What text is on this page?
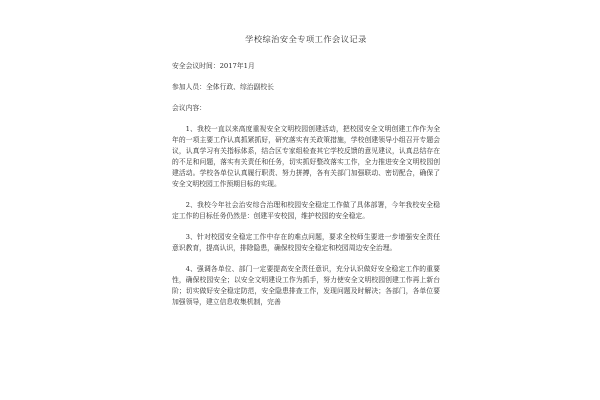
学校综治安全专项工作会议记录
安全会议时间：2017年1月
参加人员：全体行政、综治副校长
会议内容：

1、我校一直以来高度重视安全文明校园创建活动，把校园安全文明创建工作作为全年的一项主要工作认真抓紧抓好，研究落实有关政策措施，学校创建领导小组召开专题会议，认真学习有关指标体系，结合区专家组检查其它学校反馈的意见建议，认真总结存在的不足和问题，落实有关责任和任务，切实抓好整改落实工作，全力推进安全文明校园创建活动。学校各单位认真履行职责、努力拼搏，各有关部门加强联动、密切配合，确保了安全文明校园工作预期目标的实现。

2、我校今年社会治安综合治理和校园安全稳定工作做了具体部署，今年我校安全稳定工作的目标任务仍然是：创建平安校园，维护校园的安全稳定。

3、针对校园安全稳定工作中存在的难点问题，要求全校师生要进一步增强安全责任意识教育，提高认识，排除隐患，确保校园安全稳定和校园周边安全治理。

4、强调各单位、部门一定要提高安全责任意识，充分认识做好安全稳定工作的重要性，确保校园安全；以安全文明建设工作为抓手，努力使安全文明校园创建工作再上新台阶；切实做好安全稳定防范，安全隐患排查工作，发现问题及时解决；各部门，各单位要加强领导，建立信息收集机制，完善
